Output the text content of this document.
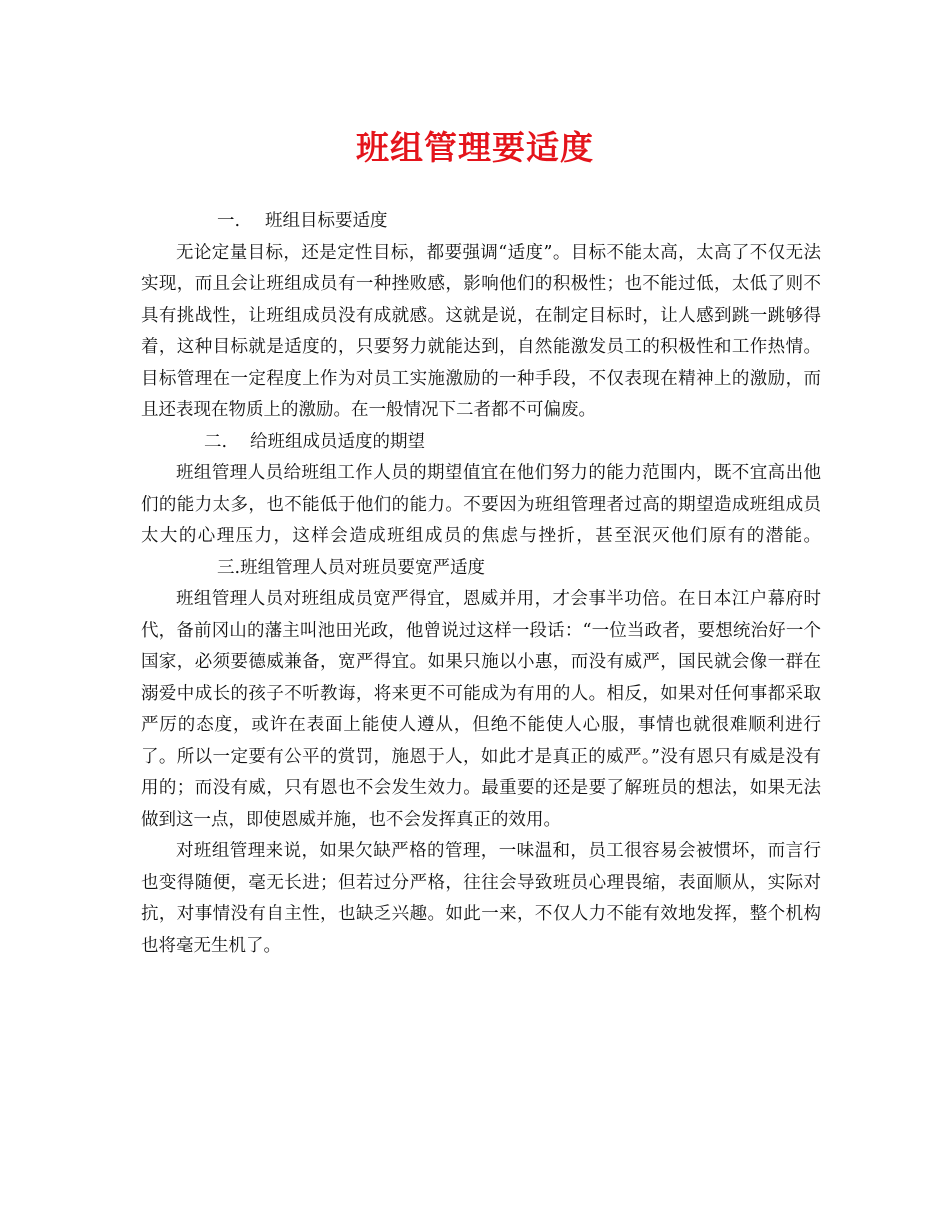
班组管理要适度

一. 班组目标要适度

无论定量目标，还是定性目标，都要强调“适度”。目标不能太高，太高了不仅无法实现，而且会让班组成员有一种挫败感，影响他们的积极性；也不能过低，太低了则不具有挑战性，让班组成员没有成就感。这就是说，在制定目标时，让人感到跳一跳够得着，这种目标就是适度的，只要努力就能达到，自然能激发员工的积极性和工作热情。目标管理在一定程度上作为对员工实施激励的一种手段，不仅表现在精神上的激励，而且还表现在物质上的激励。在一般情况下二者都不可偏废。

二. 给班组成员适度的期望

班组管理人员给班组工作人员的期望值宜在他们努力的能力范围内，既不宜高出他们的能力太多，也不能低于他们的能力。不要因为班组管理者过高的期望造成班组成员太大的心理压力，这样会造成班组成员的焦虑与挫折，甚至泯灭他们原有的潜能。三.班组管理人员对班员要宽严适度

班组管理人员对班组成员宽严得宜，恩威并用，才会事半功倍。在日本江户幕府时代，备前冈山的藩主叫池田光政，他曾说过这样一段话：“一位当政者，要想统治好一个国家，必须要德威兼备，宽严得宜。如果只施以小惠，而没有威严，国民就会像一群在溺爱中成长的孩子不听教诲，将来更不可能成为有用的人。相反，如果对任何事都采取严厉的态度，或许在表面上能使人遵从，但绝不能使人心服，事情也就很难顺利进行了。所以一定要有公平的赏罚，施恩于人，如此才是真正的威严。”没有恩只有威是没有用的；而没有威，只有恩也不会发生效力。最重要的还是要了解班员的想法，如果无法做到这一点，即使恩威并施，也不会发挥真正的效用。

对班组管理来说，如果欠缺严格的管理，一味温和，员工很容易会被惯坏，而言行也变得随便，毫无长进；但若过分严格，往往会导致班员心理畏缩，表面顺从，实际对抗，对事情没有自主性，也缺乏兴趣。如此一来，不仅人力不能有效地发挥，整个机构也将毫无生机了。
